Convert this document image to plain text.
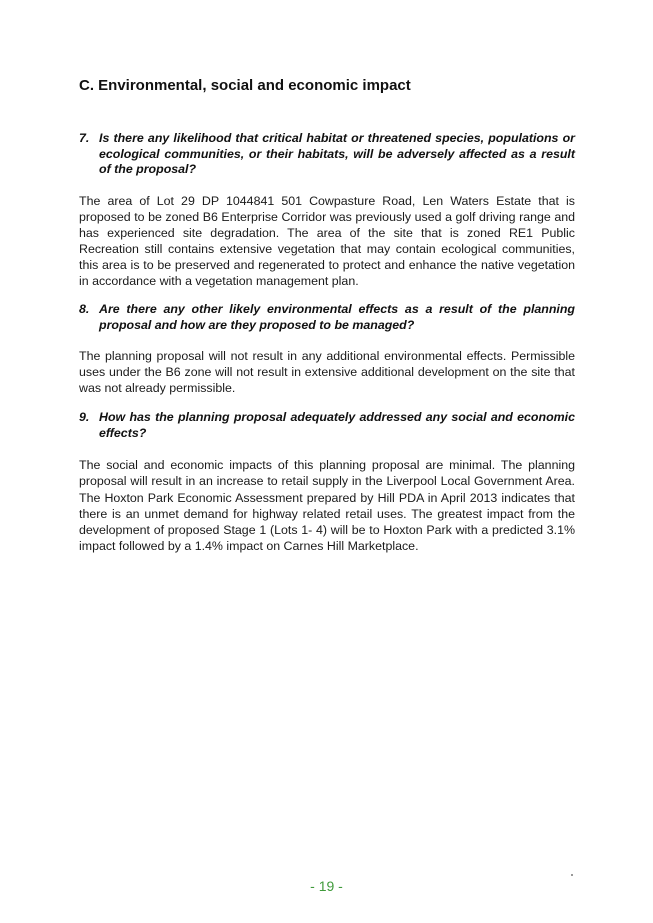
C. Environmental, social and economic impact
7. Is there any likelihood that critical habitat or threatened species, populations or ecological communities, or their habitats, will be adversely affected as a result of the proposal?

The area of Lot 29 DP 1044841 501 Cowpasture Road, Len Waters Estate that is proposed to be zoned B6 Enterprise Corridor was previously used a golf driving range and has experienced site degradation. The area of the site that is zoned RE1 Public Recreation still contains extensive vegetation that may contain ecological communities, this area is to be preserved and regenerated to protect and enhance the native vegetation in accordance with a vegetation management plan.

8. Are there any other likely environmental effects as a result of the planning proposal and how are they proposed to be managed?

The planning proposal will not result in any additional environmental effects. Permissible uses under the B6 zone will not result in extensive additional development on the site that was not already permissible.

9. How has the planning proposal adequately addressed any social and economic effects?

The social and economic impacts of this planning proposal are minimal. The planning proposal will result in an increase to retail supply in the Liverpool Local Government Area. The Hoxton Park Economic Assessment prepared by Hill PDA in April 2013 indicates that there is an unmet demand for highway related retail uses. The greatest impact from the development of proposed Stage 1 (Lots 1- 4) will be to Hoxton Park with a predicted 3.1% impact followed by a 1.4% impact on Carnes Hill Marketplace.

- 19 -
